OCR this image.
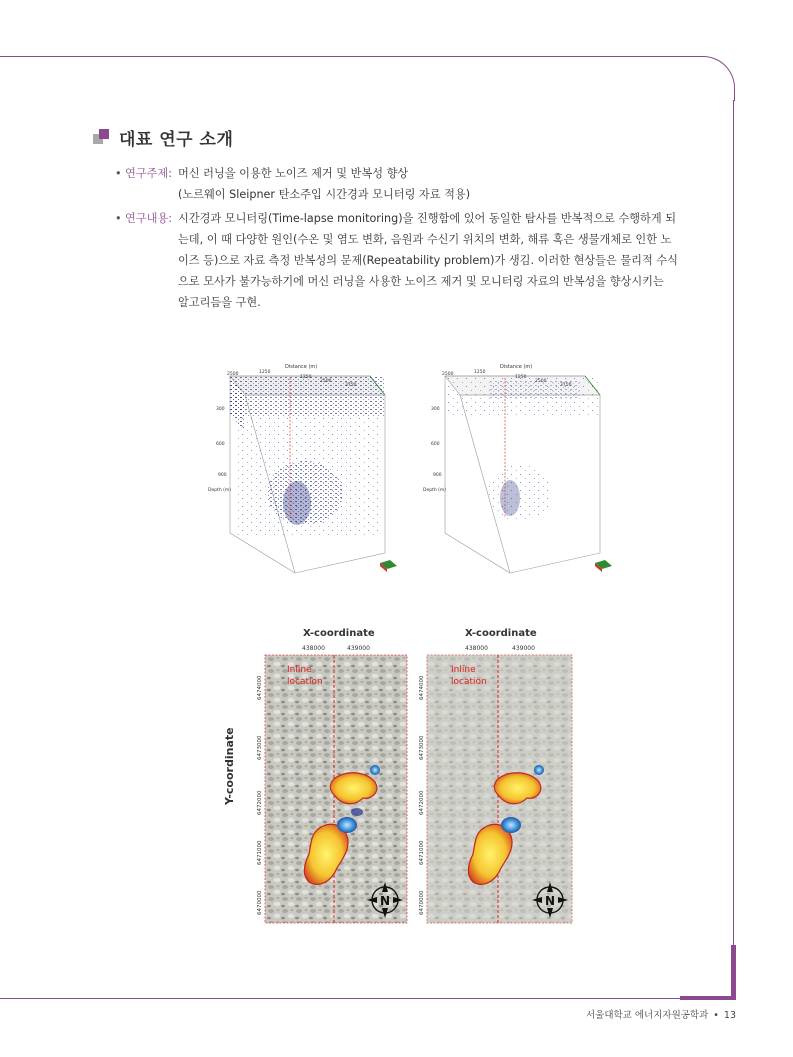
대표 연구 소개
• 연구주제: 머신 러닝을 이용한 노이즈 제거 및 반복성 향상
(노르웨이 Sleipner 탄소주입 시간경과 모니터링 자료 적용)
• 연구내용: 시간경과 모니터링(Time-lapse monitoring)을 진행함에 있어 동일한 탐사를 반복적으로 수행하게 되
는데, 이 때 다양한 원인(수온 및 염도 변화, 음원과 수신기 위치의 변화, 해류 혹은 생물개체로 인한 노
이즈 등)으로 자료 측정 반복성의 문제(Repeatability problem)가 생김. 이러한 현상들은 물리적 수식
으로 모사가 불가능하기에 머신 러닝을 사용한 노이즈 제거 및 모니터링 자료의 반복성을 향상시키는
알고리듬을 구현.
Distance (m)
2500	1250
1250
2500
3750
300
600
900
Depth (m)
Distance (m)
2500	1250
1250
2500
3750
300
600
900
Depth (m)
Y-coordinate
X-coordinate
438000	439000
Inline
location
6474000
6473000
6472000
6471000
6470000	N
X-coordinate
438000	439000
Inline
location
6474000
6473000
6472000
6471000
6470000	N
서울대학교 에너지자원공학과 • 13
